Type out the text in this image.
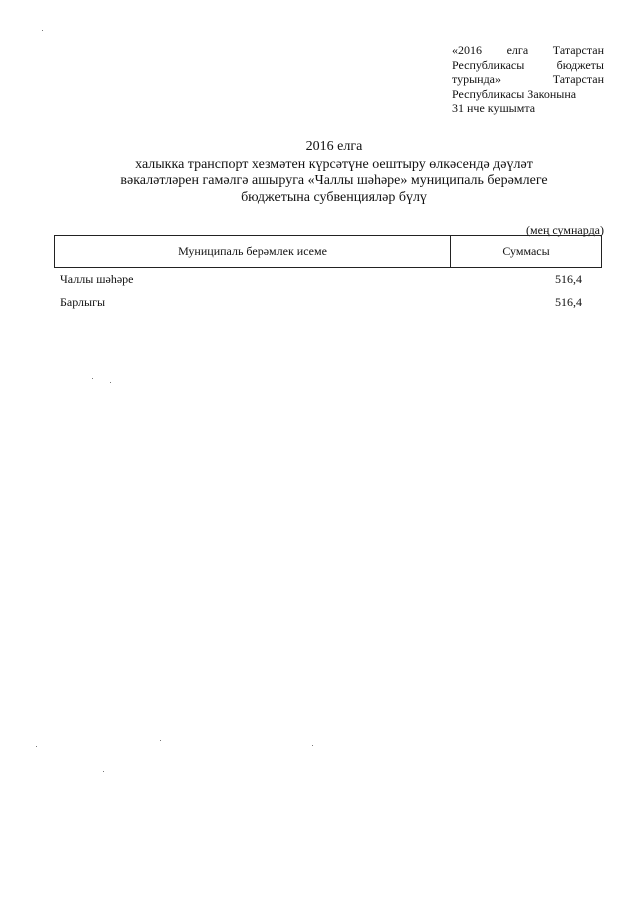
«2016 елга Татарстан
Республикасы	бюджеты
турында»	Татарстан
Республикасы Законына
31 нче кушымта
2016 елга
халыкка транспорт хезмәтен күрсәтүне оештыру өлкәсендә дәүләт
вәкаләтләрен гамәлгә ашыруга «Чаллы шәһәре» муниципаль берәмлеге
бюджетына субвенцияләр бүлү
(мең сумнарда)
Муниципаль берәмлек исеме	Суммасы
Чаллы шәһәре	516,4
Барлыгы	516,4
